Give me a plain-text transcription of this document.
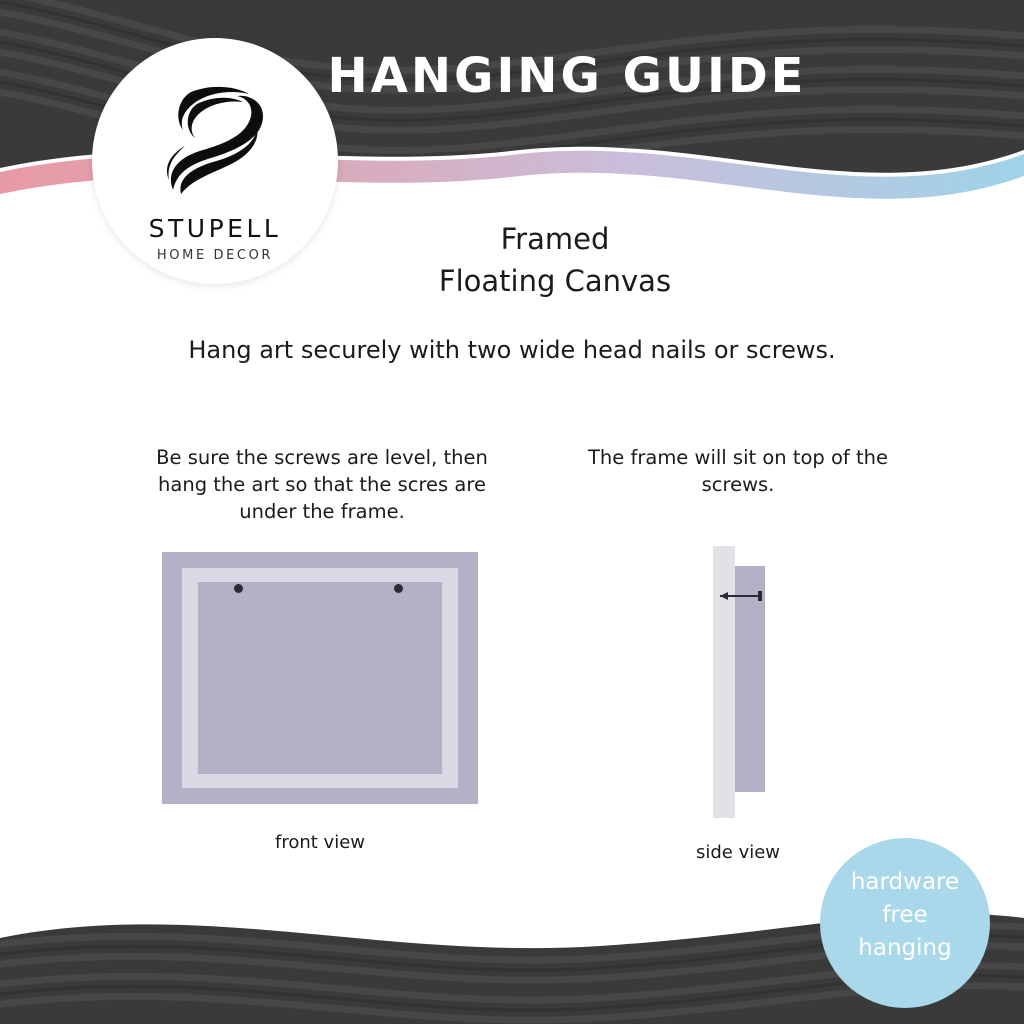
HANGING GUIDE
STUPELL
HOME DECOR	Framed
Floating Canvas
Hang art securely with two wide head nails or screws.
Be sure the screws are level, then hang the art so that the scres are under the frame.
front view
The frame will sit on top of the screws.
side view
hardware
free
hanging
